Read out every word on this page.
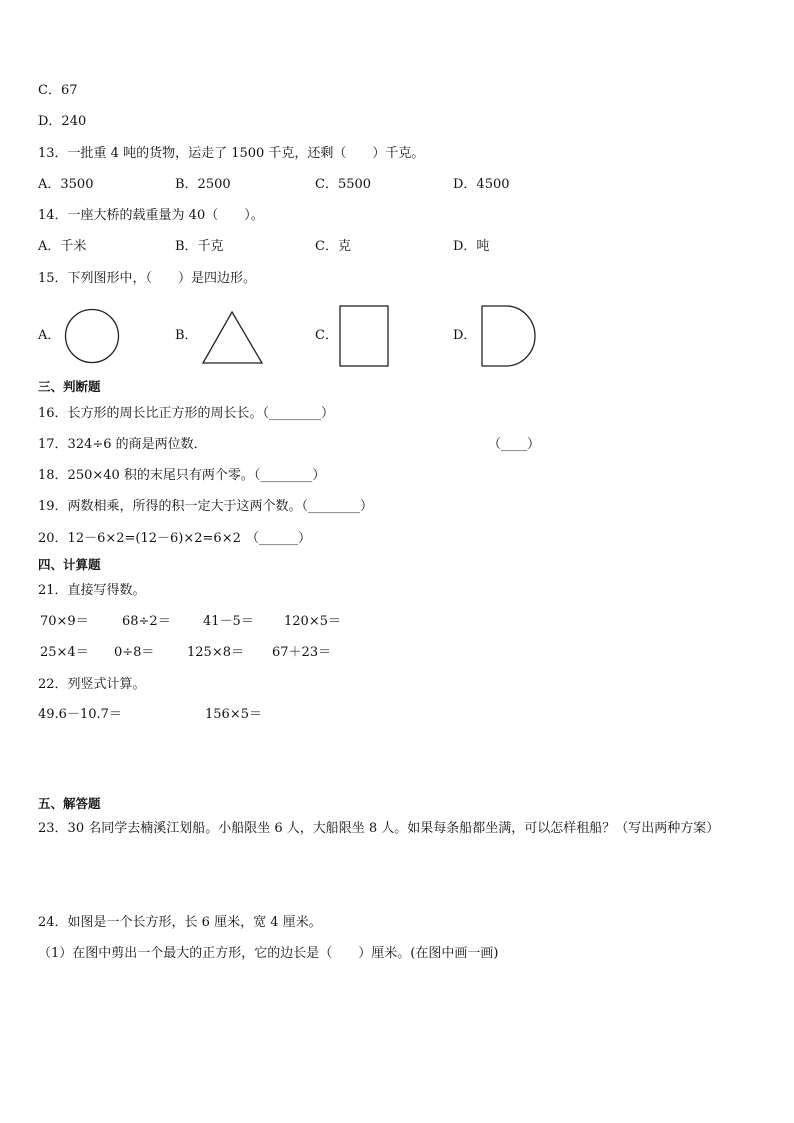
C．67
D．240
13．一批重 4 吨的货物，运走了 1500 千克，还剩（　　）千克。
A．3500	B．2500	C．5500	D．4500
14．一座大桥的载重量为 40（　　）。
A．千米	B．千克	C．克	D．吨
15．下列图形中，（　　）是四边形。
A．	B．	C．	D．
三、判断题
16．长方形的周长比正方形的周长长。（________）
17．324÷6 的商是两位数．	（____）
18．250×40 积的末尾只有两个零。（________）
19．两数相乘，所得的积一定大于这两个数。（________）
20．12－6×2=(12－6)×2=6×2 （______）
四、计算题
21．直接写得数。
70×9＝	68÷2＝ 41－5＝ 120×5＝
25×4＝ 0÷8＝	125×8＝ 67＋23＝
22．列竖式计算。
49.6－10.7＝	156×5＝
五、解答题
23．30 名同学去楠溪江划船。小船限坐 6 人，大船限坐 8 人。如果每条船都坐满，可以怎样租船？（写出两种方案）
24．如图是一个长方形，长 6 厘米，宽 4 厘米。
（1）在图中剪出一个最大的正方形，它的边长是（　　）厘米。(在图中画一画)
